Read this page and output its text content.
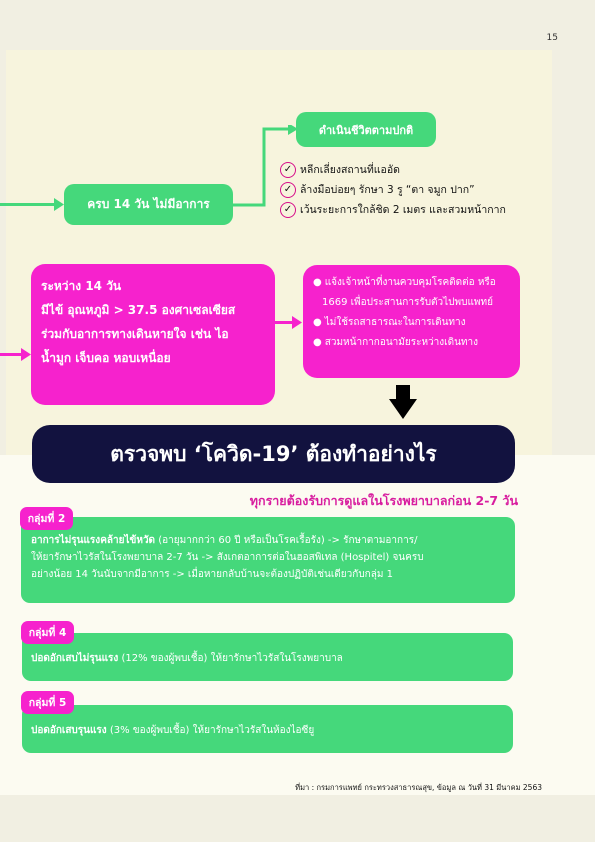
15
ดำเนินชีวิตตามปกติ
ครบ 14 วัน ไม่มีอาการ
✓ หลีกเลี่ยงสถานที่แออัด
✓ ล้างมือบ่อยๆ รักษา 3 รู “ตา จมูก ปาก”
✓ เว้นระยะการใกล้ชิด 2 เมตร และสวมหน้ากาก
ระหว่าง 14 วัน
มีไข้ อุณหภูมิ > 37.5 องศาเซลเซียส
ร่วมกับอาการทางเดินหายใจ เช่น ไอ
น้ำมูก เจ็บคอ หอบเหนื่อย
● แจ้งเจ้าหน้าที่งานควบคุมโรคติดต่อ หรือ
1669 เพื่อประสานการรับตัวไปพบแพทย์
● ไม่ใช้รถสาธารณะในการเดินทาง
● สวมหน้ากากอนามัยระหว่างเดินทาง
ตรวจพบ ‘โควิด-19’ ต้องทำอย่างไร
ทุกรายต้องรับการดูแลในโรงพยาบาลก่อน 2-7 วัน
อาการไม่รุนแรงคล้ายไข้หวัด (อายุมากกว่า 60 ปี หรือเป็นโรคเรื้อรัง) -> รักษาตามอาการ/
ให้ยารักษาไวรัสในโรงพยาบาล 2-7 วัน -> สังเกตอาการต่อในฮอสพิเทล (Hospitel) จนครบ
อย่างน้อย 14 วันนับจากมีอาการ -> เมื่อหายกลับบ้านจะต้องปฏิบัติเช่นเดียวกับกลุ่ม 1
กลุ่มที่ 2
ปอดอักเสบไม่รุนแรง (12% ของผู้พบเชื้อ) ให้ยารักษาไวรัสในโรงพยาบาล
กลุ่มที่ 4
ปอดอักเสบรุนแรง (3% ของผู้พบเชื้อ) ให้ยารักษาไวรัสในห้องไอซียู
กลุ่มที่ 5
ที่มา : กรมการแพทย์ กระทรวงสาธารณสุข, ข้อมูล ณ วันที่ 31 มีนาคม 2563
